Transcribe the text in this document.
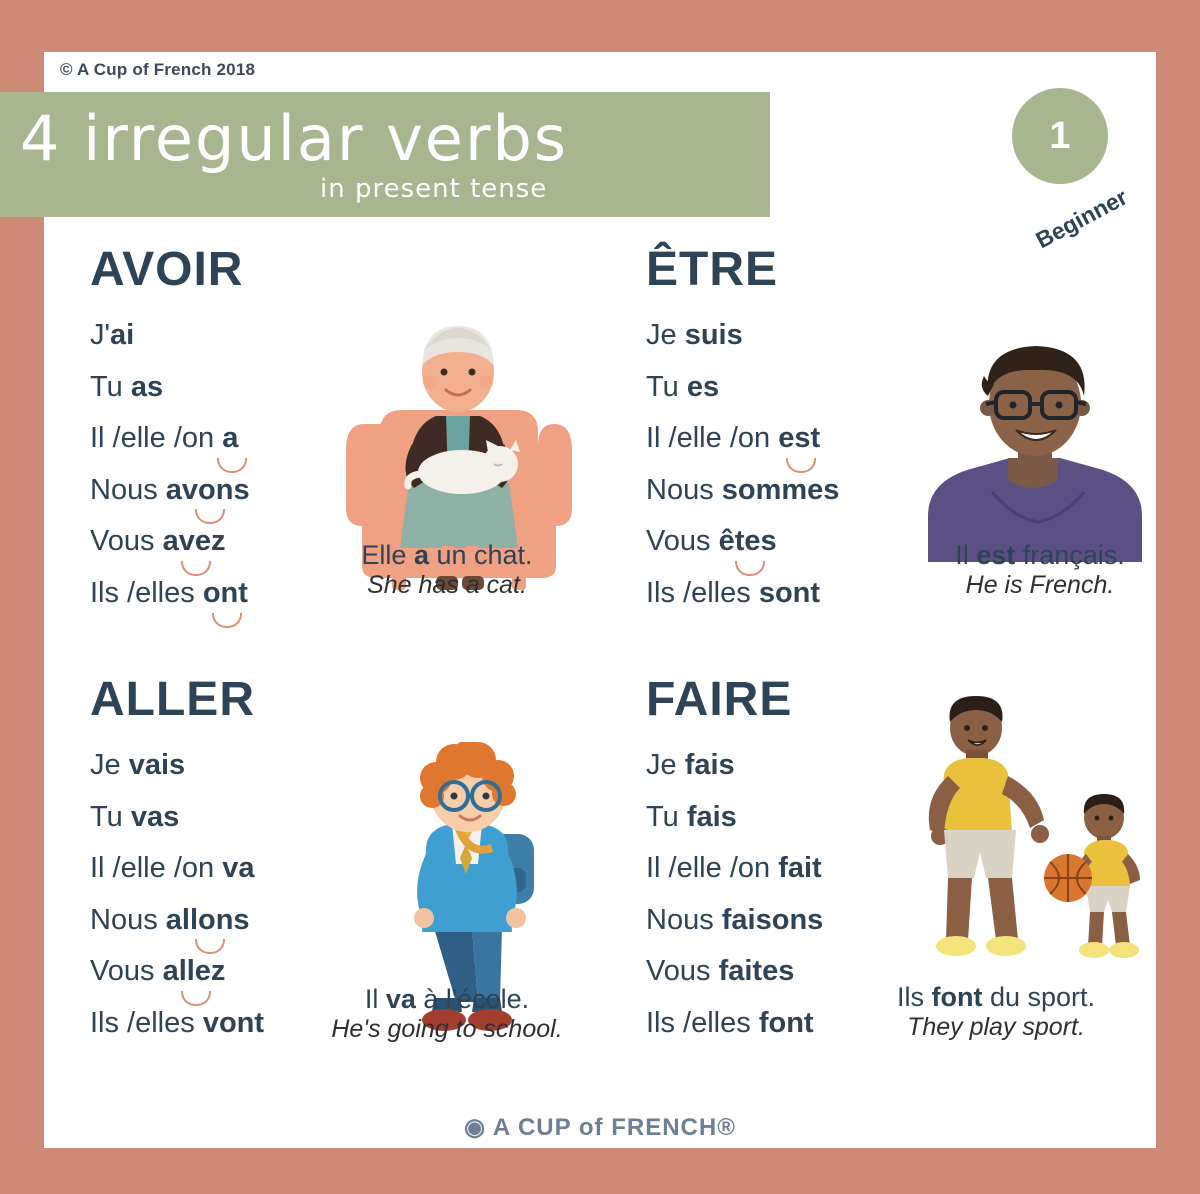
© A Cup of French 2018
4 irregular verbs
in present tense
1
Beginner
AVOIR
J'ai
Tu as
Il /elle /on a
Nous avons
Vous avez
Ils /elles ont
Elle a un chat.
She has a cat.
ÊTRE
Je suis
Tu es
Il /elle /on est
Nous sommes
Vous êtes
Ils /elles sont
Il est français.
He is French.
ALLER
Je vais
Tu vas
Il /elle /on va
Nous allons
Vous allez
Ils /elles vont
Il va à l'école.
He's going to school.
FAIRE
Je fais
Tu fais
Il /elle /on fait
Nous faisons
Vous faites
Ils /elles font
Ils font du sport.
They play sport.
◉ A CUP of FRENCH®
